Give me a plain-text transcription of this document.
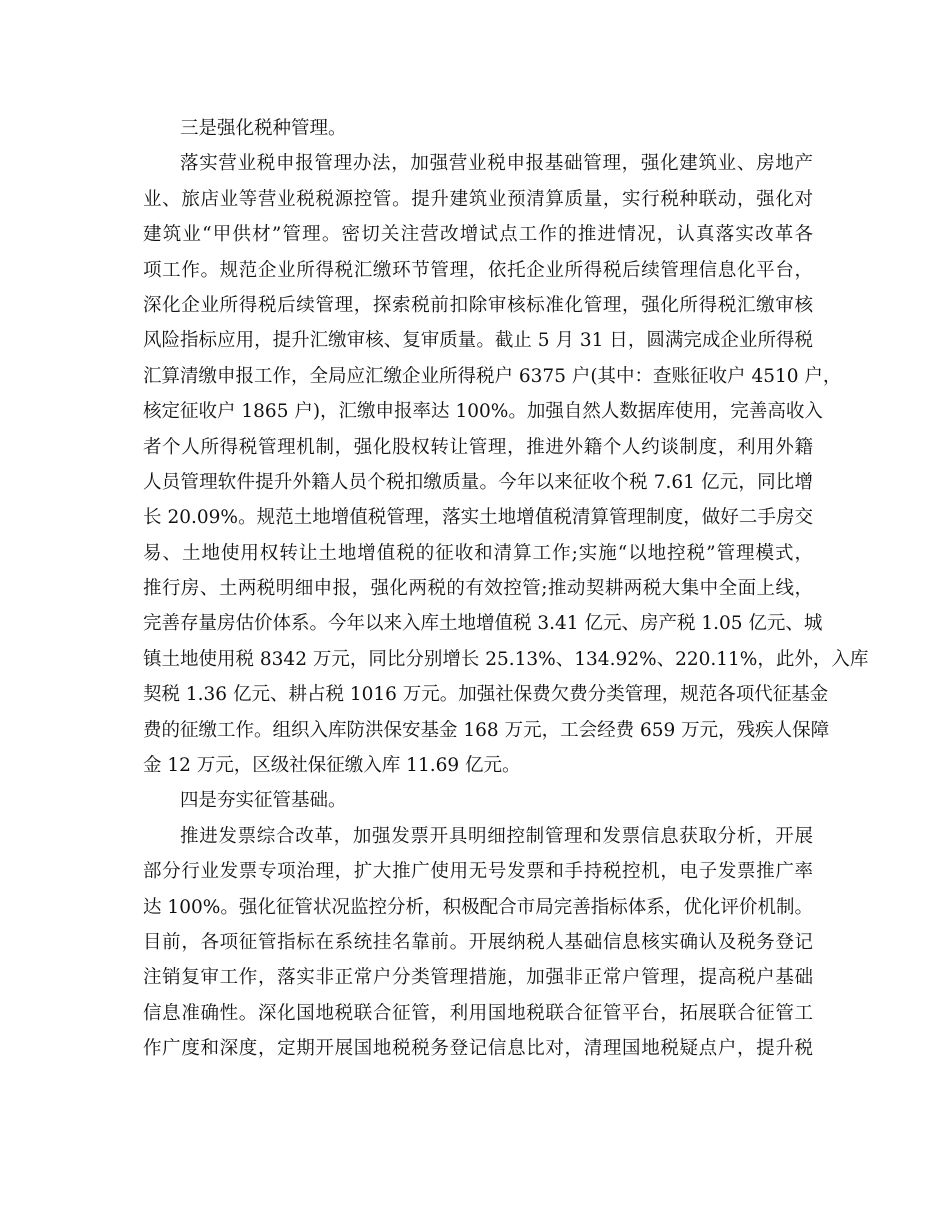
三是强化税种管理。
落实营业税申报管理办法，加强营业税申报基础管理，强化建筑业、房地产
业、旅店业等营业税税源控管。提升建筑业预清算质量，实行税种联动，强化对
建筑业“甲供材”管理。密切关注营改增试点工作的推进情况，认真落实改革各
项工作。规范企业所得税汇缴环节管理，依托企业所得税后续管理信息化平台，
深化企业所得税后续管理，探索税前扣除审核标准化管理，强化所得税汇缴审核
风险指标应用，提升汇缴审核、复审质量。截止 5 月 31 日，圆满完成企业所得税
汇算清缴申报工作，全局应汇缴企业所得税户 6375 户(其中：查账征收户 4510 户，
核定征收户 1865 户)，汇缴申报率达 100%。加强自然人数据库使用，完善高收入
者个人所得税管理机制，强化股权转让管理，推进外籍个人约谈制度，利用外籍
人员管理软件提升外籍人员个税扣缴质量。今年以来征收个税 7.61 亿元，同比增
长 20.09%。规范土地增值税管理，落实土地增值税清算管理制度，做好二手房交
易、土地使用权转让土地增值税的征收和清算工作;实施“以地控税”管理模式，
推行房、土两税明细申报，强化两税的有效控管;推动契耕两税大集中全面上线，
完善存量房估价体系。今年以来入库土地增值税 3.41 亿元、房产税 1.05 亿元、城
镇土地使用税 8342 万元，同比分别增长 25.13%、134.92%、220.11%，此外，入库
契税 1.36 亿元、耕占税 1016 万元。加强社保费欠费分类管理，规范各项代征基金
费的征缴工作。组织入库防洪保安基金 168 万元，工会经费 659 万元，残疾人保障
金 12 万元，区级社保征缴入库 11.69 亿元。
四是夯实征管基础。
推进发票综合改革，加强发票开具明细控制管理和发票信息获取分析，开展
部分行业发票专项治理，扩大推广使用无号发票和手持税控机，电子发票推广率
达 100%。强化征管状况监控分析，积极配合市局完善指标体系，优化评价机制。
目前，各项征管指标在系统挂名靠前。开展纳税人基础信息核实确认及税务登记
注销复审工作，落实非正常户分类管理措施，加强非正常户管理，提高税户基础
信息准确性。深化国地税联合征管，利用国地税联合征管平台，拓展联合征管工
作广度和深度，定期开展国地税税务登记信息比对，清理国地税疑点户，提升税
